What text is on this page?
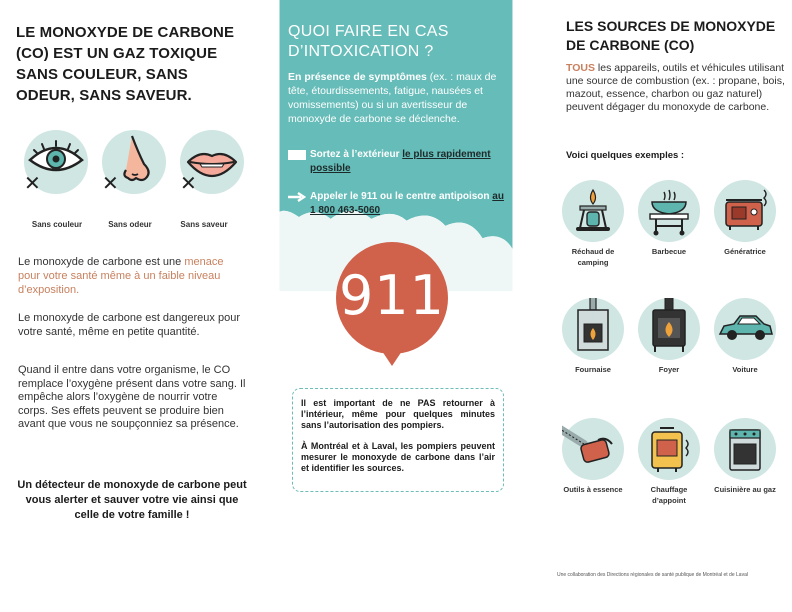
LE MONOXYDE DE CARBONE (CO) EST UN GAZ TOXIQUE SANS COULEUR, SANS ODEUR, SANS SAVEUR.
✕	✕	✕
Sans couleur	Sans odeur	Sans saveur

Le monoxyde de carbone est une menace pour votre santé même à un faible niveau d’exposition.

Le monoxyde de carbone est dangereux pour votre santé, même en petite quantité.

Quand il entre dans votre organisme, le CO remplace l’oxygène présent dans votre sang. Il empêche alors l’oxygène de nourrir votre corps. Ses effets peuvent se produire bien avant que vous ne soupçonniez sa présence.

Un détecteur de monoxyde de carbone peut vous alerter et sauver votre vie ainsi que celle de votre famille !

QUOI FAIRE EN CAS D’INTOXICATION ?

En présence de symptômes (ex. : maux de tête, étourdissements, fatigue, nausées et vomissements) ou si un avertisseur de monoxyde de carbone se déclenche.

Sortez à l’extérieur le plus rapidement possible
Appeler le 911 ou le centre antipoison au 1 800 463-5060
911

Il est important de ne PAS retourner à l’intérieur, même pour quelques minutes sans l’autorisation des pompiers.

À Montréal et à Laval, les pompiers peuvent mesurer le monoxyde de carbone dans l’air et identifier les sources.

LES SOURCES DE MONOXYDE DE CARBONE (CO)

TOUS les appareils, outils et véhicules utilisant une source de combustion (ex. : propane, bois, mazout, essence, charbon ou gaz naturel) peuvent dégager du monoxyde de carbone.

Voici quelques exemples :

Réchaud de camping
Barbecue	Génératrice
Fournaise	Foyer	Voiture
Outils à essence	Chauffage d’appoint
Cuisinière au gaz

Une collaboration des Directions régionales de santé publique de Montréal et de Laval
